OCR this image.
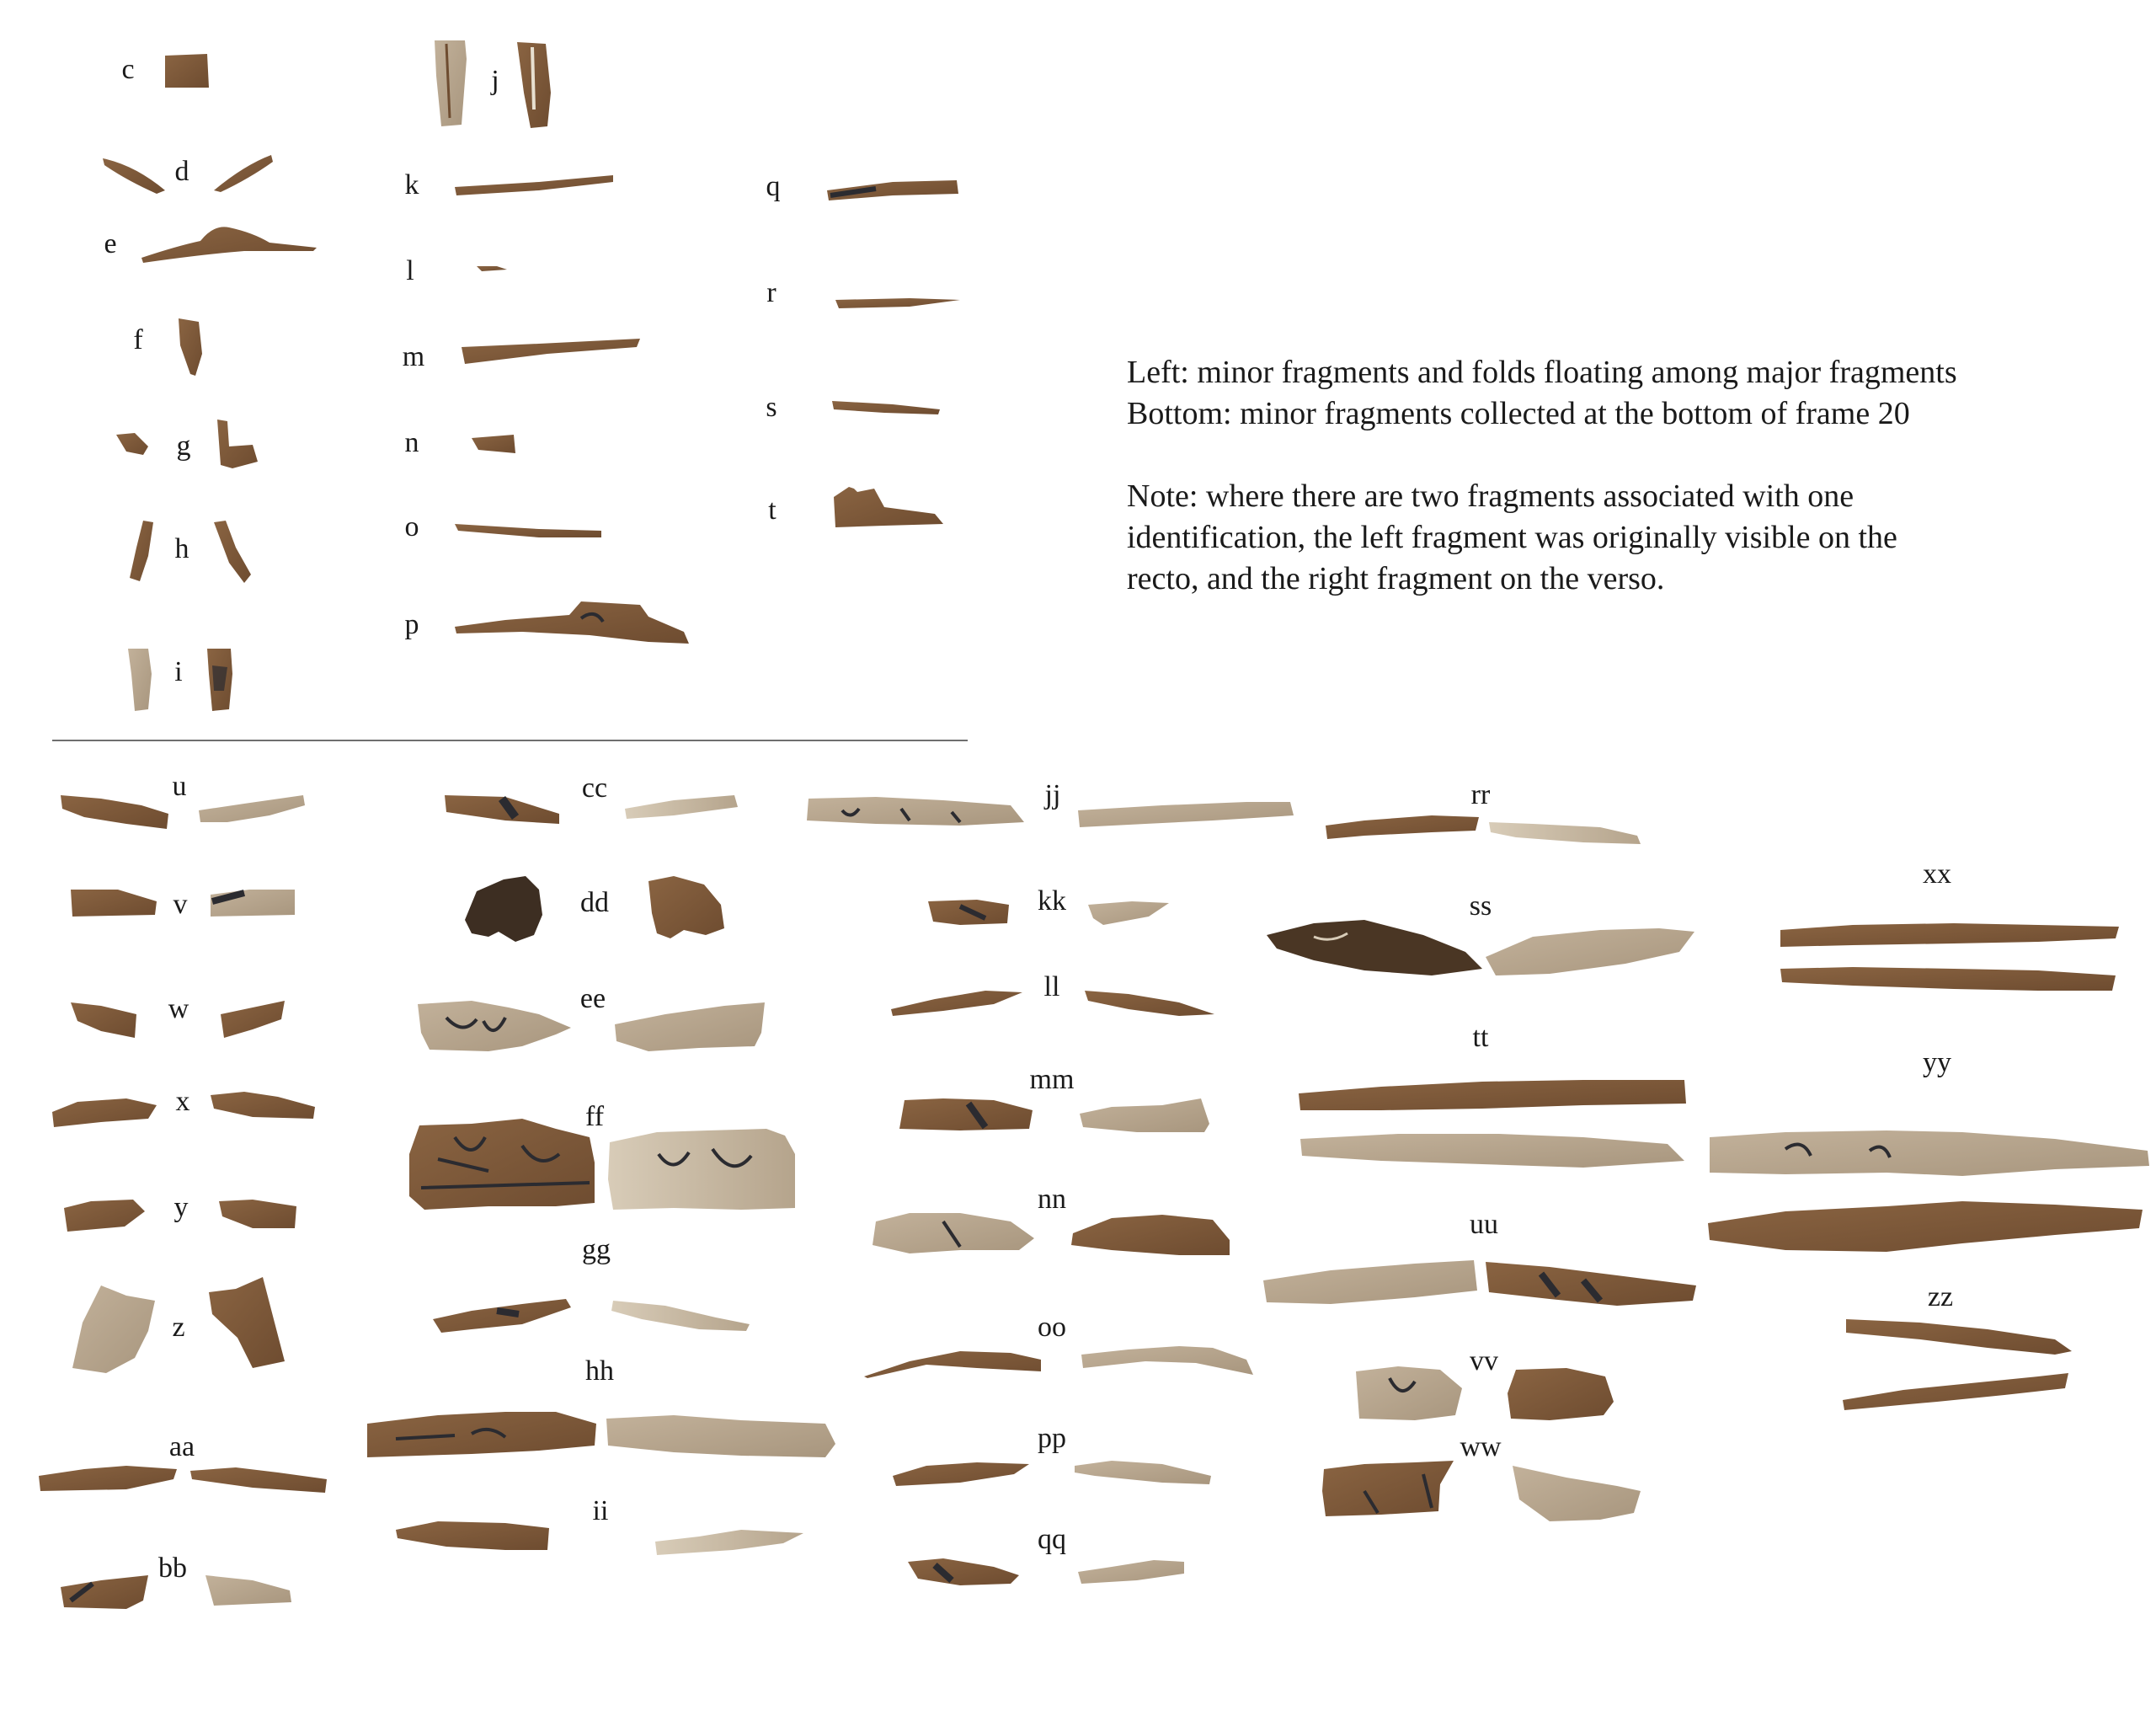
c
d
e
f
g
h
i
j
k
l
m
n
o
p
q
r
s
t
u
v
w
x
y
z
aa
bb
cc
dd
ee
ff
gg
hh
ii
jj
kk
ll
mm
nn
oo
pp
qq
rr
ss
tt
uu
vv
ww
xx
yy
zz

Left: minor fragments and folds floating among major fragments

Bottom: minor fragments collected at the bottom of frame 20

Note: where there are two fragments associated with one

identification, the left fragment was originally visible on the

recto, and the right fragment on the verso.
